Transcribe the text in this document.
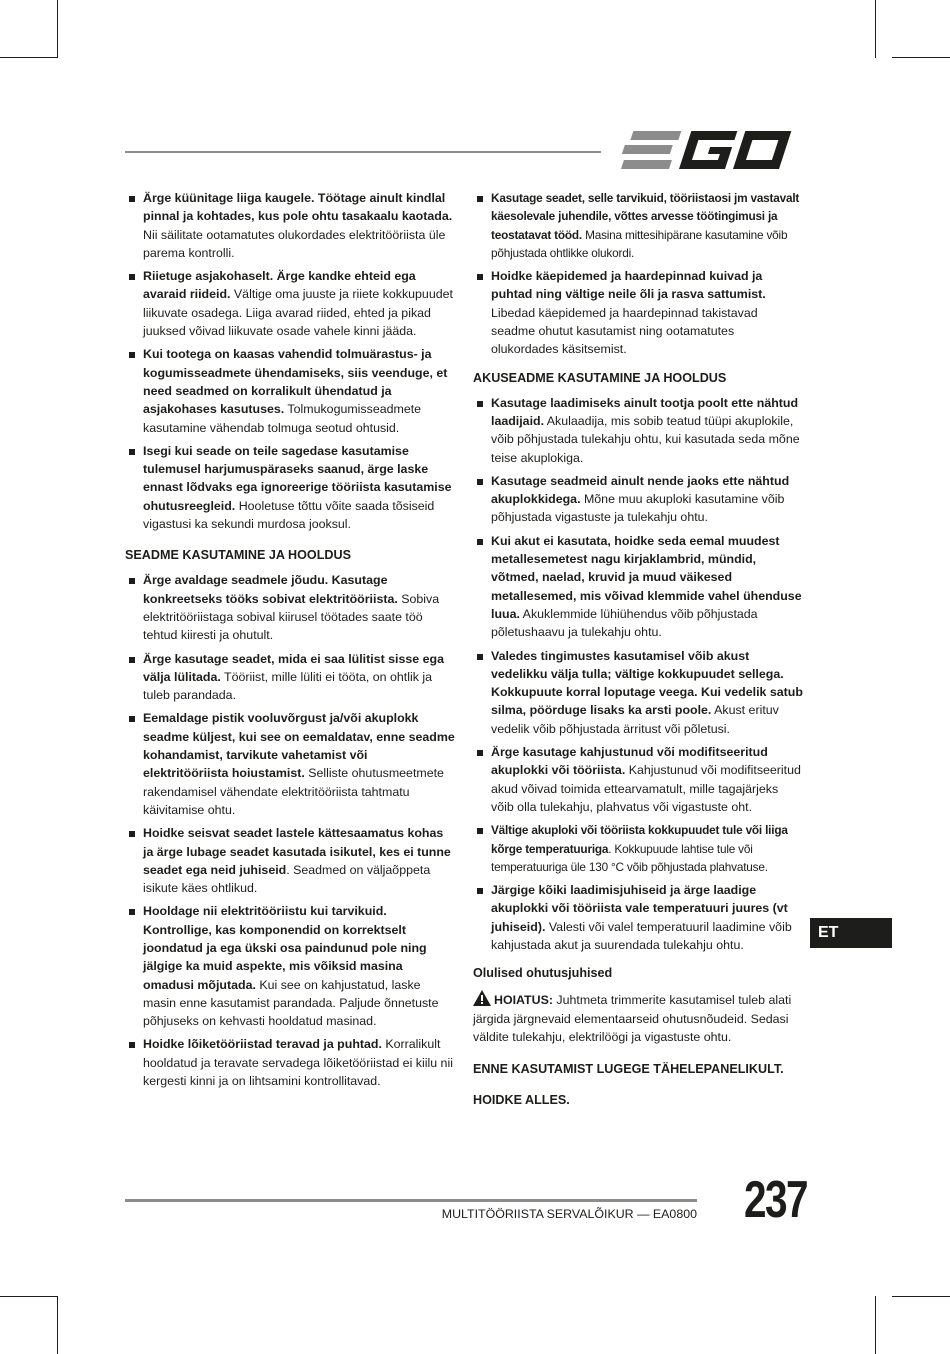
Ärge küünitage liiga kaugele. Töötage ainult kindlal pinnal ja kohtades, kus pole ohtu tasakaalu kaotada. Nii säilitate ootamatutes olukordades elektritööriista üle parema kontrolli.
Riietuge asjakohaselt. Ärge kandke ehteid ega avaraid riideid. Vältige oma juuste ja riiete kokkupuudet liikuvate osadega. Liiga avarad riided, ehted ja pikad juuksed võivad liikuvate osade vahele kinni jääda.
Kui tootega on kaasas vahendid tolmuärastus- ja kogumisseadmete ühendamiseks, siis veenduge, et need seadmed on korralikult ühendatud ja asjakohases kasutuses. Tolmukogumisseadmete kasutamine vähendab tolmuga seotud ohtusid.
Isegi kui seade on teile sagedase kasutamise tulemusel harjumuspäraseks saanud, ärge laske ennast lõdvaks ega ignoreerige tööriista kasutamise ohutusreegleid. Hooletuse tõttu võite saada tõsiseid vigastusi ka sekundi murdosa jooksul.
SEADME KASUTAMINE JA HOOLDUS
Ärge avaldage seadmele jõudu. Kasutage konkreetseks tööks sobivat elektritööriista. Sobiva elektritööriistaga sobival kiirusel töötades saate töö tehtud kiiresti ja ohutult.
Ärge kasutage seadet, mida ei saa lülitist sisse ega välja lülitada. Tööriist, mille lüliti ei tööta, on ohtlik ja tuleb parandada.
Eemaldage pistik vooluvõrgust ja/või akuplokk seadme küljest, kui see on eemaldatav, enne seadme kohandamist, tarvikute vahetamist või elektritööriista hoiustamist. Selliste ohutusmeetmete rakendamisel vähendate elektritööriista tahtmatu käivitamise ohtu.
Hoidke seisvat seadet lastele kättesaamatus kohas ja ärge lubage seadet kasutada isikutel, kes ei tunne seadet ega neid juhiseid. Seadmed on väljaõppeta isikute käes ohtlikud.
Hooldage nii elektritööriistu kui tarvikuid. Kontrollige, kas komponendid on korrektselt joondatud ja ega ükski osa paindunud pole ning jälgige ka muid aspekte, mis võiksid masina omadusi mõjutada. Kui see on kahjustatud, laske masin enne kasutamist parandada. Paljude õnnetuste põhjuseks on kehvasti hooldatud masinad.
Hoidke lõiketööriistad teravad ja puhtad. Korralikult hooldatud ja teravate servadega lõiketööriistad ei kiilu nii kergesti kinni ja on lihtsamini kontrollitavad.
Kasutage seadet, selle tarvikuid, tööriistaosi jm vastavalt käesolevale juhendile, võttes arvesse töötingimusi ja teostatavat tööd. Masina mittesihipärane kasutamine võib põhjustada ohtlikke olukordi.
Hoidke käepidemed ja haardepinnad kuivad ja puhtad ning vältige neile õli ja rasva sattumist. Libedad käepidemed ja haardepinnad takistavad seadme ohutut kasutamist ning ootamatutes olukordades käsitsemist.
AKUSEADME KASUTAMINE JA HOOLDUS
Kasutage laadimiseks ainult tootja poolt ette nähtud laadijaid. Akulaadija, mis sobib teatud tüüpi akuplokile, võib põhjustada tulekahju ohtu, kui kasutada seda mõne teise akuplokiga.
Kasutage seadmeid ainult nende jaoks ette nähtud akuplokkidega. Mõne muu akuploki kasutamine võib põhjustada vigastuste ja tulekahju ohtu.
Kui akut ei kasutata, hoidke seda eemal muudest metallesemetest nagu kirjaklambrid, mündid, võtmed, naelad, kruvid ja muud väikesed metallesemed, mis võivad klemmide vahel ühenduse luua. Akuklemmide lühiühendus võib põhjustada põletushaavu ja tulekahju ohtu.
Valedes tingimustes kasutamisel võib akust vedelikku välja tulla; vältige kokkupuudet sellega. Kokkupuute korral loputage veega. Kui vedelik satub silma, pöörduge lisaks ka arsti poole. Akust erituv vedelik võib põhjustada ärritust või põletusi.
Ärge kasutage kahjustunud või modifitseeritud akuplokki või tööriista. Kahjustunud või modifitseeritud akud võivad toimida ettearvamatult, mille tagajärjeks võib olla tulekahju, plahvatus või vigastuste oht.
Vältige akuploki või tööriista kokkupuudet tule või liiga kõrge temperatuuriga. Kokkupuude lahtise tule või temperatuuriga üle 130 °C võib põhjustada plahvatuse.
Järgige kõiki laadimisjuhiseid ja ärge laadige akuplokki või tööriista vale temperatuuri juures (vt juhiseid). Valesti või valel temperatuuril laadimine võib kahjustada akut ja suurendada tulekahju ohtu.
Olulised ohutusjuhised

HOIATUS: Juhtmeta trimmerite kasutamisel tuleb alati järgida järgnevaid elementaarseid ohutusnõudeid. Sedasi väldite tulekahju, elektrilöögi ja vigastuste ohtu.

ENNE KASUTAMIST LUGEGE TÄHELEPANELIKULT.

HOIDKE ALLES.

ET
MULTITÖÖRIISTA SERVALÕIKUR — EA0800 237
